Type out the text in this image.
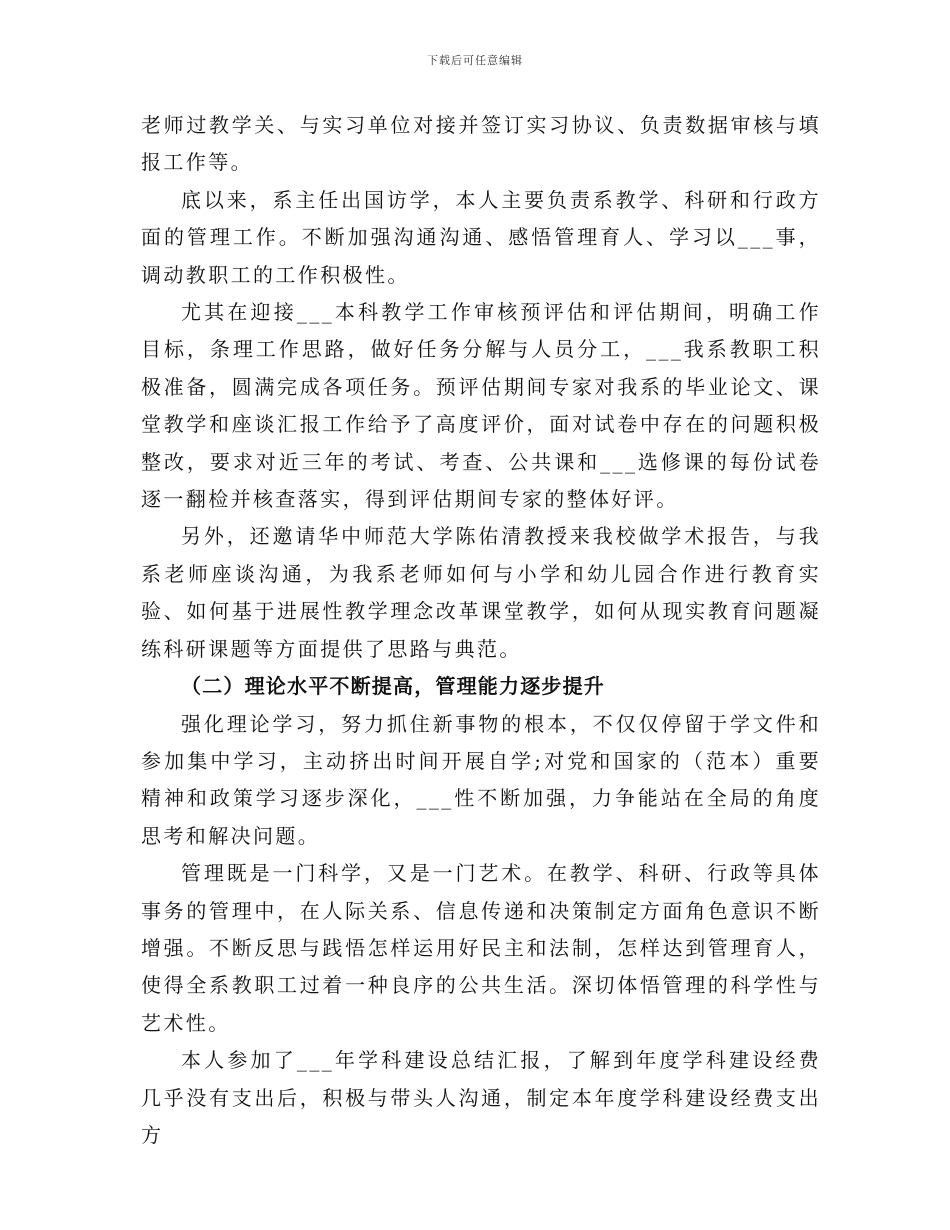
下载后可任意编辑

老师过教学关、与实习单位对接并签订实习协议、负责数据审核与填报工作等。

底以来，系主任出国访学，本人主要负责系教学、科研和行政方面的管理工作。不断加强沟通沟通、感悟管理育人、学习以___事，调动教职工的工作积极性。

尤其在迎接___本科教学工作审核预评估和评估期间，明确工作目标，条理工作思路，做好任务分解与人员分工，___我系教职工积极准备，圆满完成各项任务。预评估期间专家对我系的毕业论文、课堂教学和座谈汇报工作给予了高度评价，面对试卷中存在的问题积极整改，要求对近三年的考试、考查、公共课和___选修课的每份试卷逐一翻检并核查落实，得到评估期间专家的整体好评。

另外，还邀请华中师范大学陈佑清教授来我校做学术报告，与我系老师座谈沟通，为我系老师如何与小学和幼儿园合作进行教育实验、如何基于进展性教学理念改革课堂教学，如何从现实教育问题凝练科研课题等方面提供了思路与典范。

（二）理论水平不断提高，管理能力逐步提升

强化理论学习，努力抓住新事物的根本，不仅仅停留于学文件和参加集中学习，主动挤出时间开展自学;对党和国家的（范本）重要精神和政策学习逐步深化，___性不断加强，力争能站在全局的角度思考和解决问题。

管理既是一门科学，又是一门艺术。在教学、科研、行政等具体事务的管理中，在人际关系、信息传递和决策制定方面角色意识不断增强。不断反思与践悟怎样运用好民主和法制，怎样达到管理育人，使得全系教职工过着一种良序的公共生活。深切体悟管理的科学性与艺术性。

本人参加了___年学科建设总结汇报，了解到年度学科建设经费几乎没有支出后，积极与带头人沟通，制定本年度学科建设经费支出方
